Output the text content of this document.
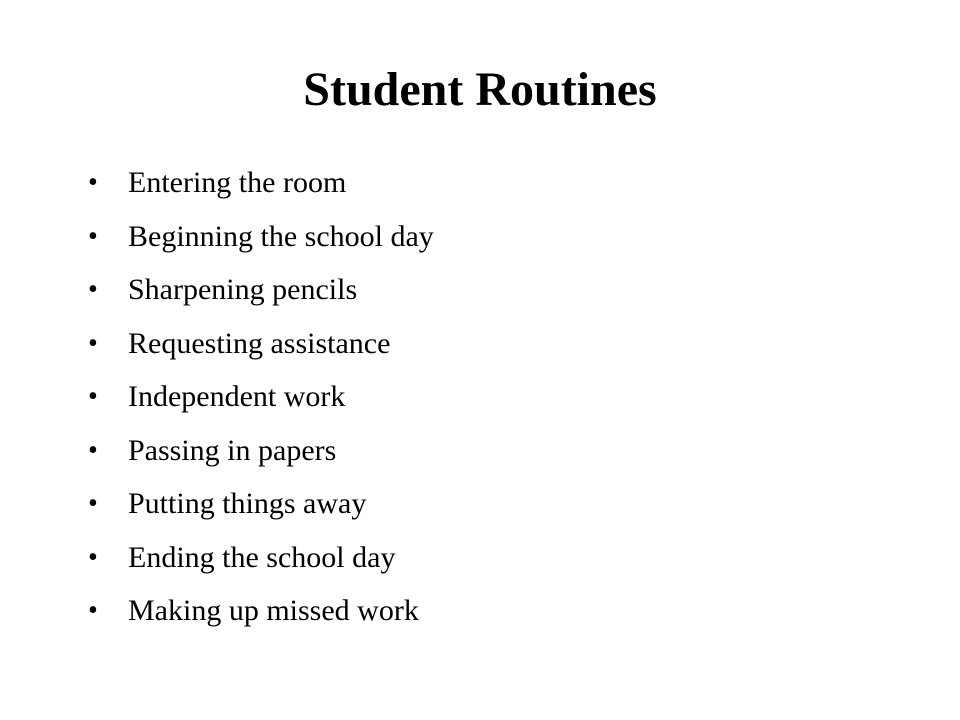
Student Routines
• Entering the room
• Beginning the school day
• Sharpening pencils
• Requesting assistance
• Independent work
• Passing in papers
• Putting things away
• Ending the school day
• Making up missed work
